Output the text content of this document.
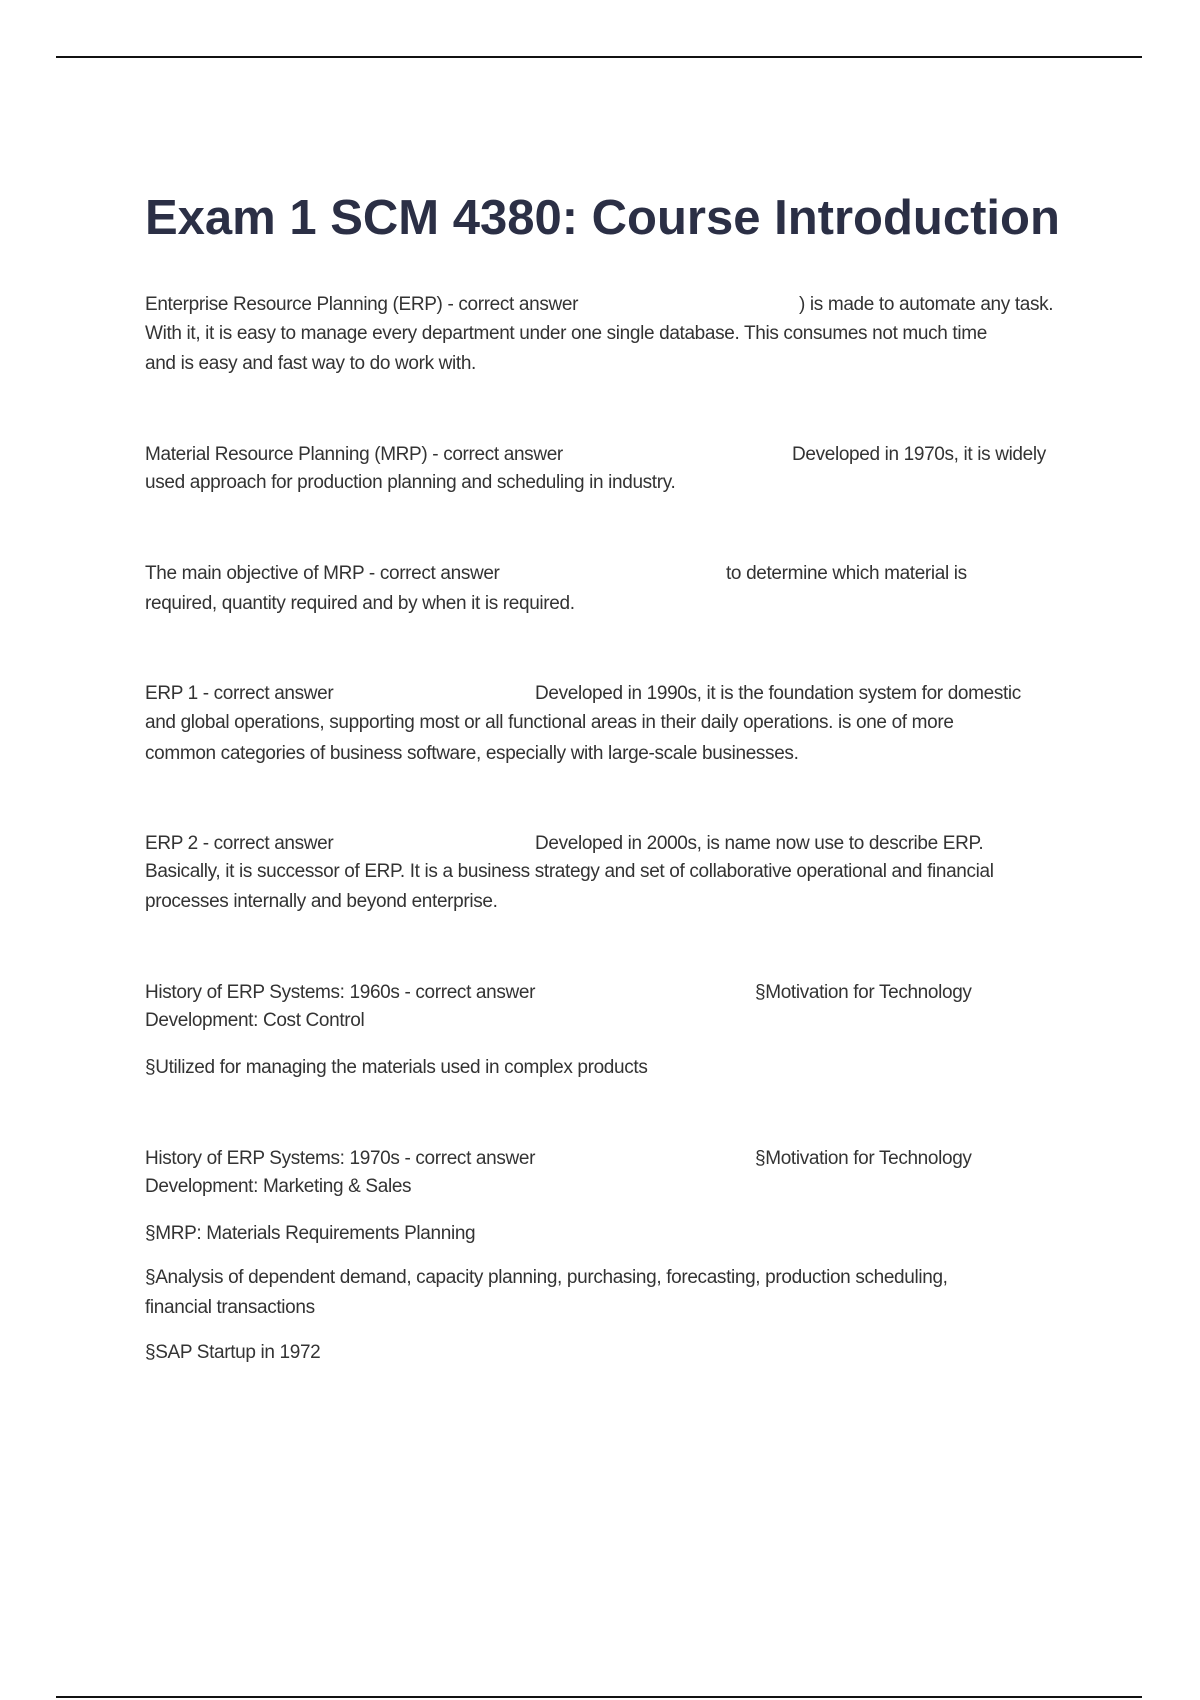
Exam 1 SCM 4380: Course Introduction
Enterprise Resource Planning (ERP) - correct answer	) is made to automate any task.
With it, it is easy to manage every department under one single database. This consumes not much time
and is easy and fast way to do work with.
Material Resource Planning (MRP) - correct answer	Developed in 1970s, it is widely
used approach for production planning and scheduling in industry.
The main objective of MRP - correct answer	to determine which material is
required, quantity required and by when it is required.
ERP 1 - correct answer	Developed in 1990s, it is the foundation system for domestic
and global operations, supporting most or all functional areas in their daily operations. is one of more
common categories of business software, especially with large-scale businesses.
ERP 2 - correct answer	Developed in 2000s, is name now use to describe ERP.
Basically, it is successor of ERP. It is a business strategy and set of collaborative operational and financial
processes internally and beyond enterprise.
History of ERP Systems: 1960s - correct answer	§Motivation for Technology
Development: Cost Control
§Utilized for managing the materials used in complex products
History of ERP Systems: 1970s - correct answer	§Motivation for Technology
Development: Marketing & Sales
§MRP: Materials Requirements Planning
§Analysis of dependent demand, capacity planning, purchasing, forecasting, production scheduling,
financial transactions
§SAP Startup in 1972
